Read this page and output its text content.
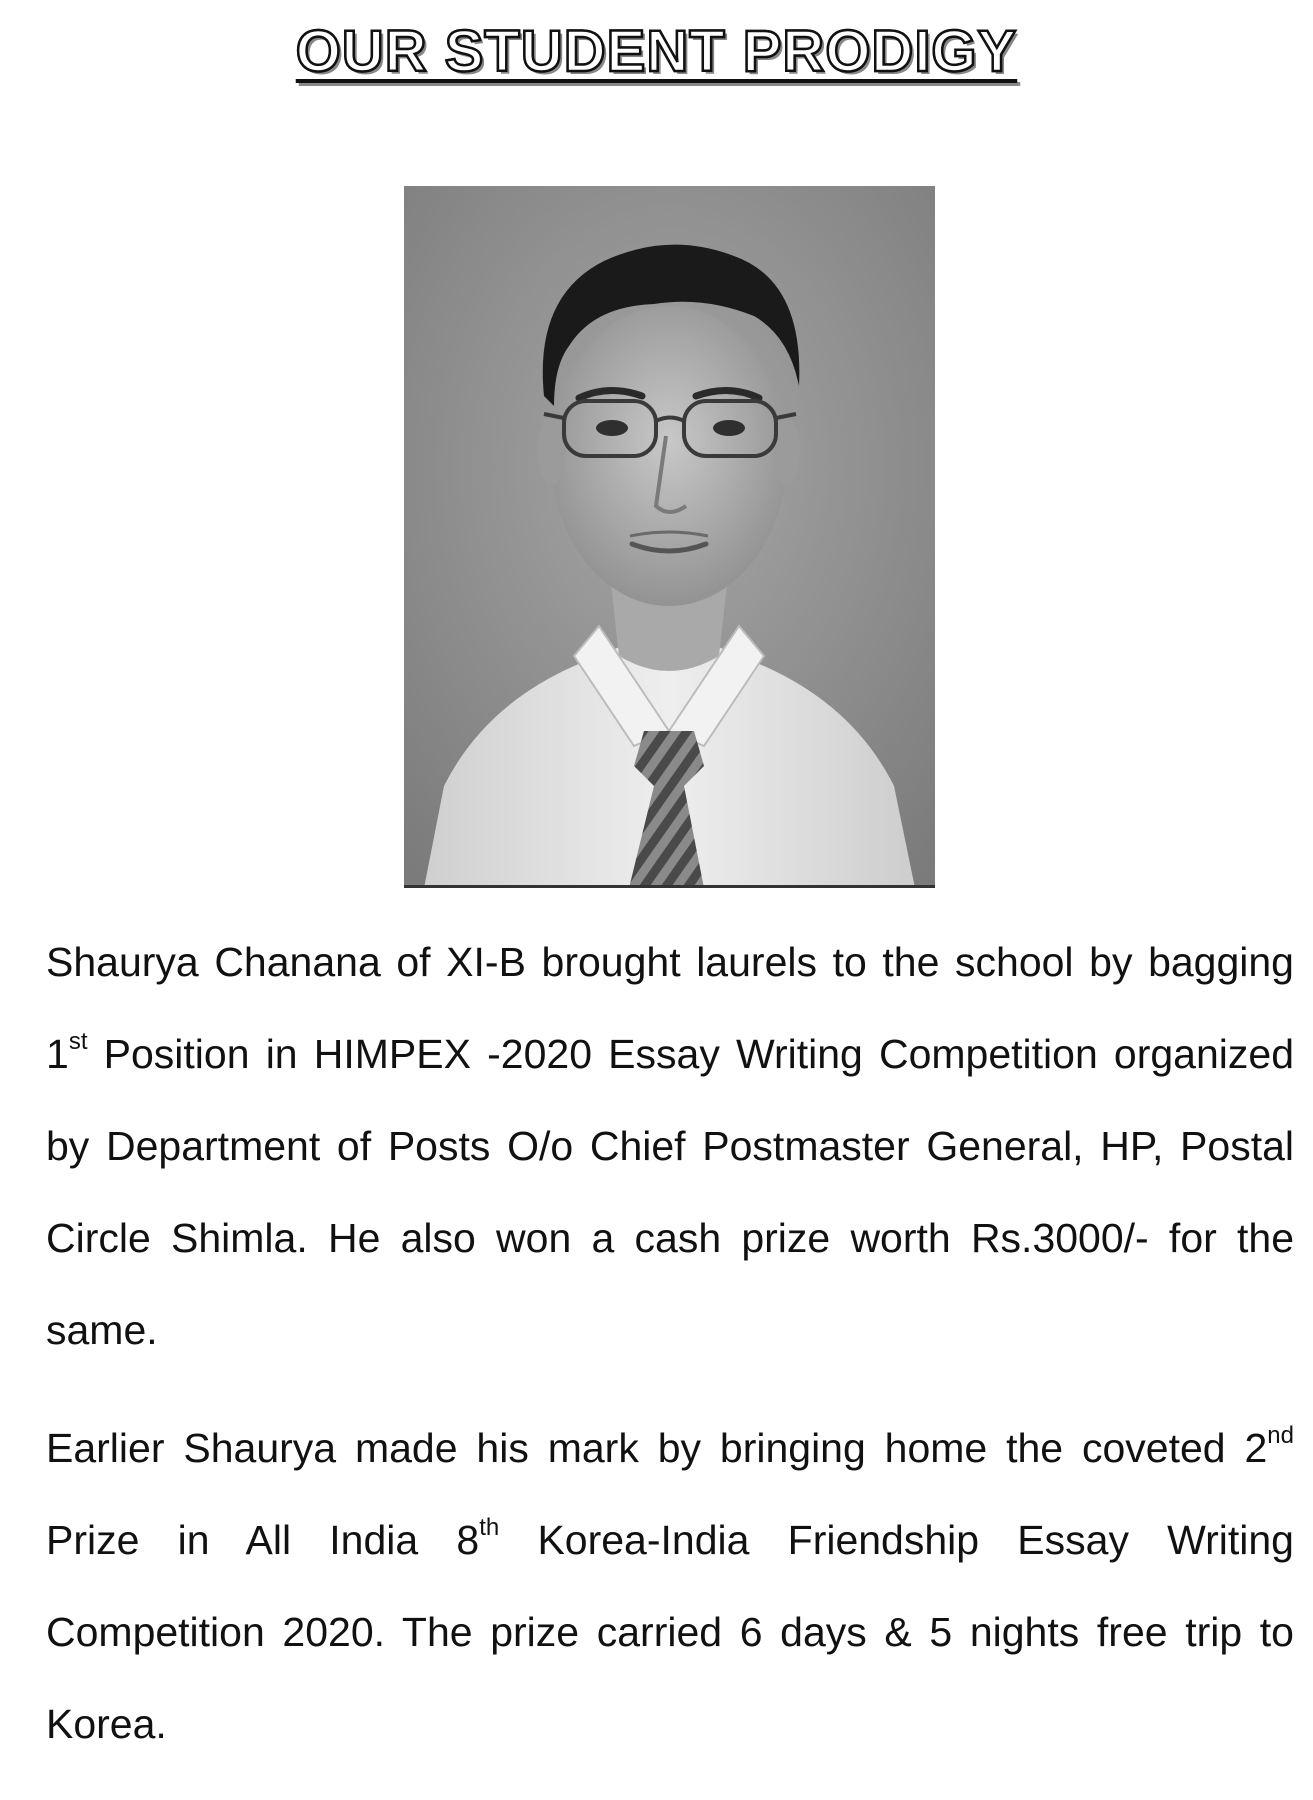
OUR STUDENT PRODIGY
Shaurya Chanana of XI-B brought laurels to the school by bagging 1st Position in HIMPEX -2020 Essay Writing Competition organized by Department of Posts O/o Chief Postmaster General, HP, Postal Circle Shimla. He also won a cash prize worth Rs.3000/- for the same.
Earlier Shaurya made his mark by bringing home the coveted 2nd Prize in All India 8th Korea-India Friendship Essay Writing Competition 2020. The prize carried 6 days & 5 nights free trip to Korea.
